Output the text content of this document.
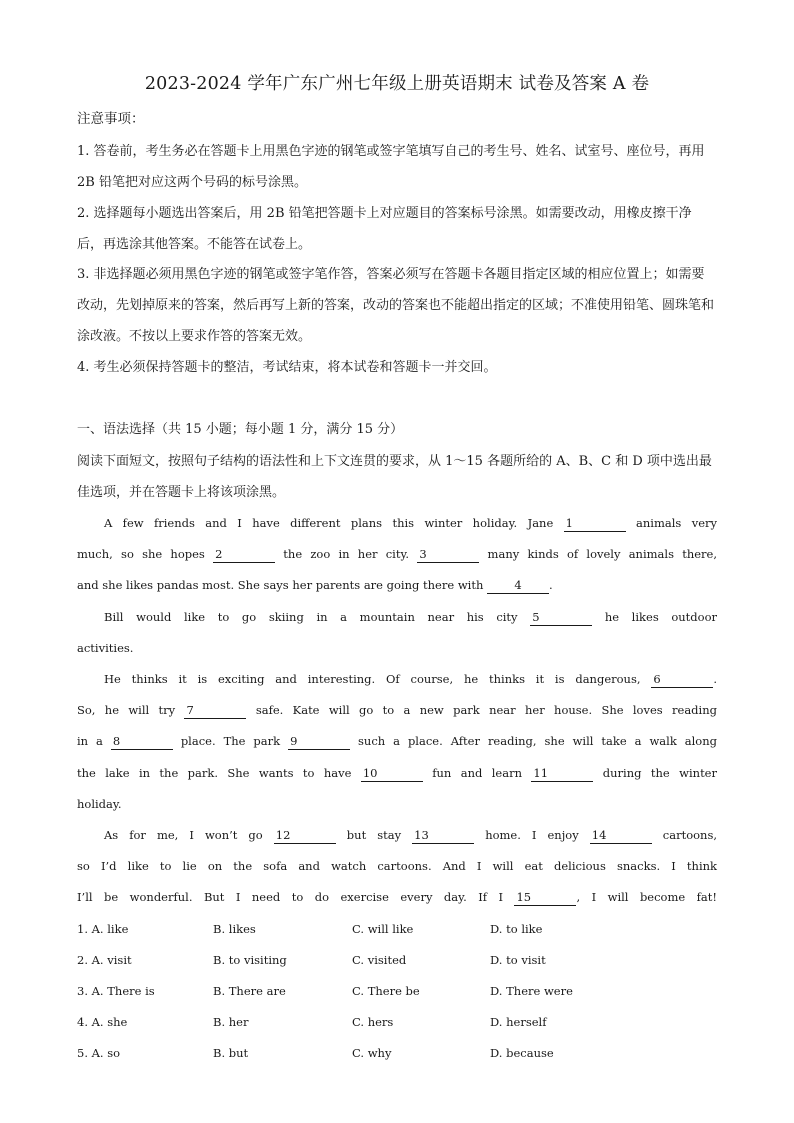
2023-2024 学年广东广州七年级上册英语期末 试卷及答案 A 卷
注意事项：
1. 答卷前，考生务必在答题卡上用黑色字迹的钢笔或签字笔填写自己的考生号、姓名、试室号、座位号，再用 2B 铅笔把对应这两个号码的标号涂黑。
2. 选择题每小题选出答案后，用 2B 铅笔把答题卡上对应题目的答案标号涂黑。如需要改动，用橡皮擦干净后，再选涂其他答案。不能答在试卷上。
3. 非选择题必须用黑色字迹的钢笔或签字笔作答，答案必须写在答题卡各题目指定区域的相应位置上；如需要改动，先划掉原来的答案，然后再写上新的答案，改动的答案也不能超出指定的区域；不准使用铅笔、圆珠笔和涂改液。不按以上要求作答的答案无效。
4. 考生必须保持答题卡的整洁，考试结束，将本试卷和答题卡一并交回。
一、语法选择（共 15 小题；每小题 1 分，满分 15 分）
阅读下面短文，按照句子结构的语法性和上下文连贯的要求，从 1～15 各题所给的 A、B、C 和 D 项中选出最佳选项，并在答题卡上将该项涂黑。
A few friends and I have different plans this winter holiday. Jane 1	animals very
much, so she hopes 2	the zoo in her city. 3	many kinds of lovely animals there,
and she likes pandas most. She says her parents are going there with 4 .
Bill would like to go skiing in a mountain near his city 5	he likes outdoor
activities.
He thinks it is exciting and interesting. Of course, he thinks it is dangerous, 6	.
So, he will try 7	safe. Kate will go to a new park near her house. She loves reading
in a 8	place. The park 9	such a place. After reading, she will take a walk along
the lake in the park. She wants to have 10	fun and learn 11	during the winter
holiday.
As for me, I won’t go 12	but stay 13	home. I enjoy 14	cartoons,
so I’d like to lie on the sofa and watch cartoons. And I will eat delicious snacks. I think
I’ll be wonderful. But I need to do exercise every day. If I 15	, I will become fat!
1. A. like	B. likes	C. will like	D. to like
2. A. visit	B. to visiting	C. visited	D. to visit
3. A. There is	B. There are	C. There be	D. There were
4. A. she	B. her	C. hers	D. herself
5. A. so	B. but	C. why	D. because
